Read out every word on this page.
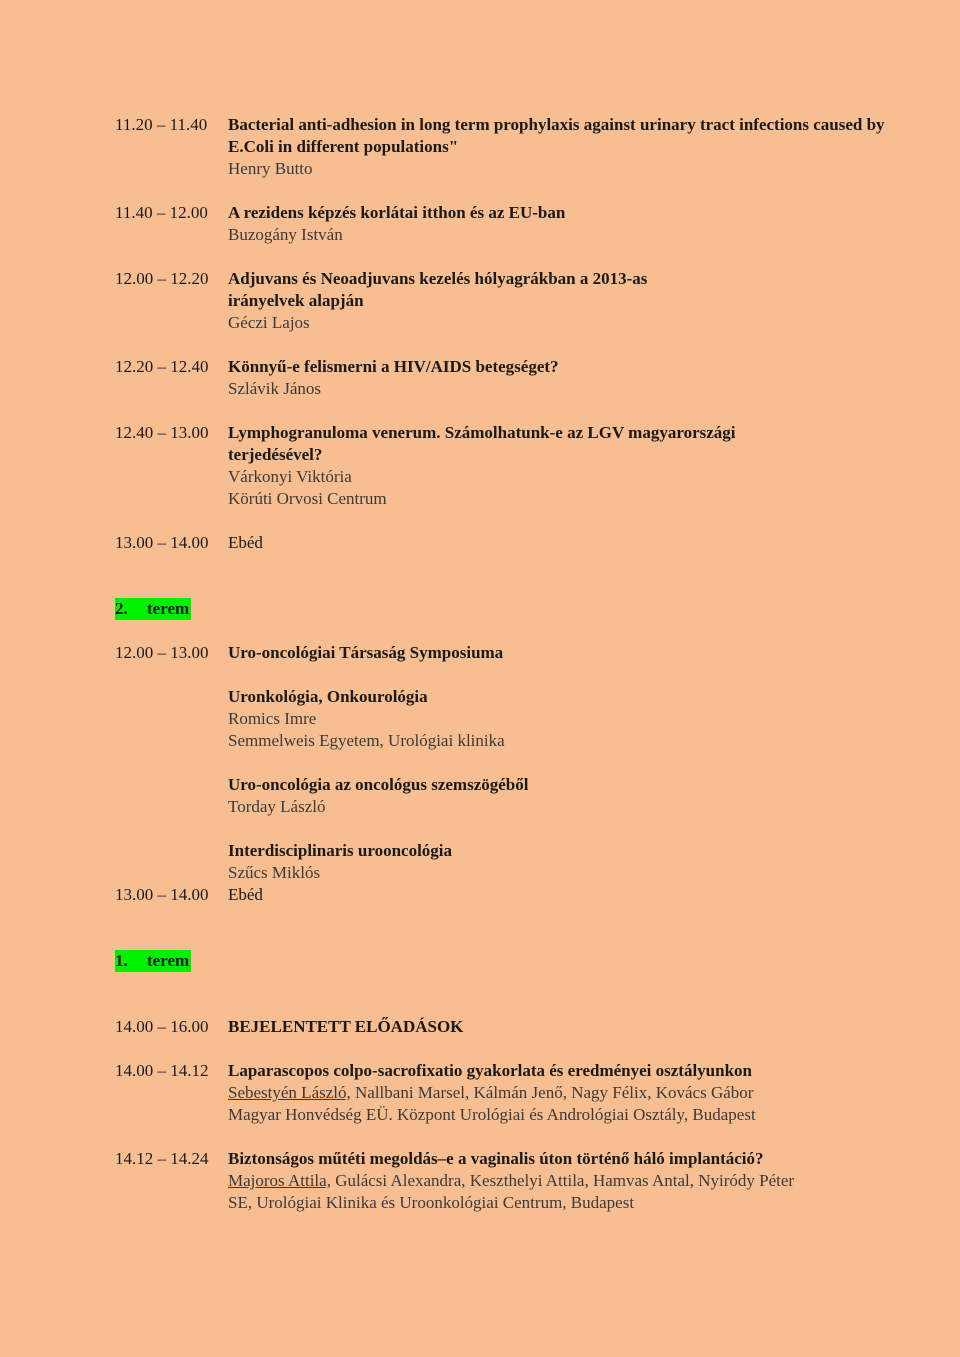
11.20 – 11.40	Bacterial anti-adhesion in long term prophylaxis against urinary tract infections caused by E.Coli in different populations"
Henry Butto
11.40 – 12.00	A rezidens képzés korlátai itthon és az EU-ban
Buzogány István
12.00 – 12.20	Adjuvans és Neoadjuvans kezelés hólyagrákban a 2013-as irányelvek alapján
Géczi Lajos
12.20 – 12.40	Könnyű-e felismerni a HIV/AIDS betegséget?
Szlávik János
12.40 – 13.00	Lymphogranuloma venerum. Számolhatunk-e az LGV magyarországi terjedésével?
Várkonyi Viktória
Körúti Orvosi Centrum
13.00 – 14.00	Ebéd
2. terem
12.00 – 13.00	Uro-oncológiai Társaság Symposiuma
Uronkológia, Onkourológia
Romics Imre
Semmelweis Egyetem, Urológiai klinika
Uro-oncológia az oncológus szemszögéből
Torday László
Interdisciplinaris urooncológia
Szűcs Miklós
13.00 – 14.00	Ebéd
1. terem
14.00 – 16.00	BEJELENTETT ELŐADÁSOK
14.00 – 14.12	Laparascopos colpo-sacrofixatio gyakorlata és eredményei osztályunkon
Sebestyén László, Nallbani Marsel, Kálmán Jenő, Nagy Félix, Kovács Gábor
Magyar Honvédség EÜ. Központ Urológiai és Andrológiai Osztály, Budapest
14.12 – 14.24	Biztonságos műtéti megoldás–e a vaginalis úton történő háló implantáció?
Majoros Attila, Gulácsi Alexandra, Keszthelyi Attila, Hamvas Antal, Nyiródy Péter
SE, Urológiai Klinika és Uroonkológiai Centrum, Budapest
